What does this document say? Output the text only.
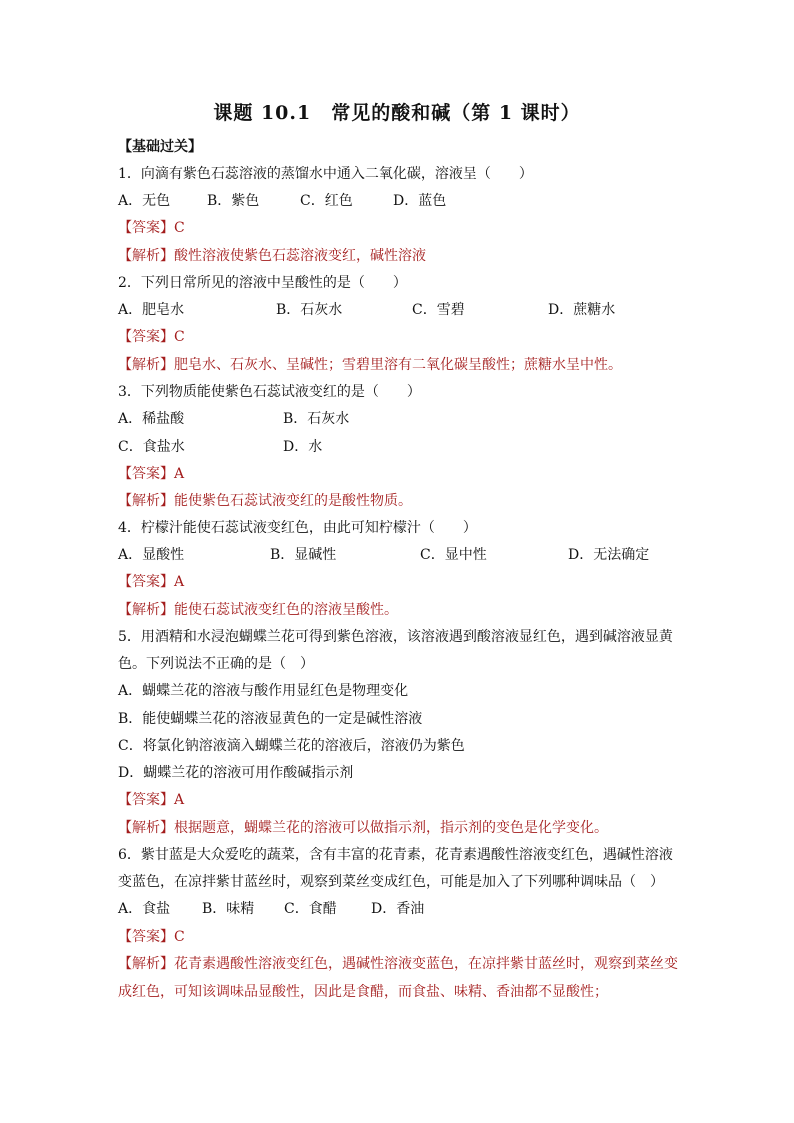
课题 10.1　常见的酸和碱（第 1 课时）
【基础过关】
1．向滴有紫色石蕊溶液的蒸馏水中通入二氧化碳，溶液呈（　　）
A．无色	B．紫色	C．红色	D．蓝色
【答案】C
【解析】酸性溶液使紫色石蕊溶液变红，碱性溶液
2．下列日常所见的溶液中呈酸性的是（　　）
A．肥皂水	B．石灰水	C．雪碧	D．蔗糖水
【答案】C
【解析】肥皂水、石灰水、呈碱性；雪碧里溶有二氧化碳呈酸性；蔗糖水呈中性。
3．下列物质能使紫色石蕊试液变红的是（　　）
A．稀盐酸	B．石灰水
C．食盐水	D．水
【答案】A
【解析】能使紫色石蕊试液变红的是酸性物质。
4．柠檬汁能使石蕊试液变红色，由此可知柠檬汁（　　）
A．显酸性	B．显碱性	C．显中性	D．无法确定
【答案】A
【解析】能使石蕊试液变红色的溶液呈酸性。
5．用酒精和水浸泡蝴蝶兰花可得到紫色溶液，该溶液遇到酸溶液显红色，遇到碱溶液显黄
色。下列说法不正确的是（　）
A．蝴蝶兰花的溶液与酸作用显红色是物理变化
B．能使蝴蝶兰花的溶液显黄色的一定是碱性溶液
C．将氯化钠溶液滴入蝴蝶兰花的溶液后，溶液仍为紫色
D．蝴蝶兰花的溶液可用作酸碱指示剂
【答案】A
【解析】根据题意，蝴蝶兰花的溶液可以做指示剂，指示剂的变色是化学变化。
6．紫甘蓝是大众爱吃的蔬菜，含有丰富的花青素，花青素遇酸性溶液变红色，遇碱性溶液
变蓝色，在凉拌紫甘蓝丝时，观察到菜丝变成红色，可能是加入了下列哪种调味品（　）
A．食盐 B．味精 C．食醋 D．香油
【答案】C
【解析】花青素遇酸性溶液变红色，遇碱性溶液变蓝色，在凉拌紫甘蓝丝时，观察到菜丝变
成红色，可知该调味品显酸性，因此是食醋，而食盐、味精、香油都不显酸性；
